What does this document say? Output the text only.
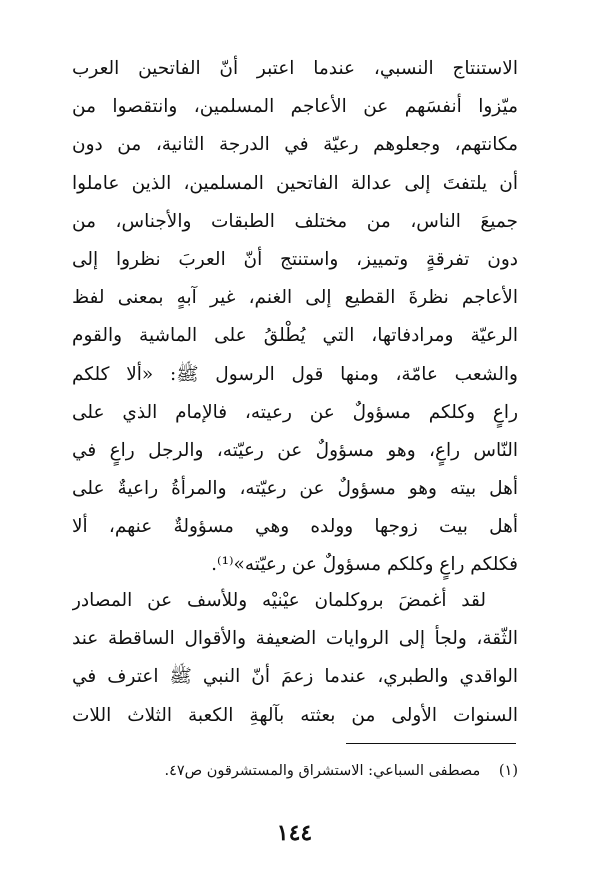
الاستنتاج النسبي، عندما اعتبر أنّ الفاتحين العرب
ميّزوا أنفسَهم عن الأعاجم المسلمين، وانتقصوا من
مكانتهم، وجعلوهم رعيّة في الدرجة الثانية، من دون
أن يلتفتَ إلى عدالة الفاتحين المسلمين، الذين عاملوا
جميعَ الناس، من مختلف الطبقات والأجناس، من
دون تفرقةٍ وتمييز، واستنتج أنّ العربَ نظروا إلى
الأعاجم نظرةَ القطيع إلى الغنم، غير آبهٍ بمعنى لفظ
الرعيّة ومرادفاتها، التي يُطْلقُ على الماشية والقوم
والشعب عامّة، ومنها قول الرسول ﷺ: «ألا كلكم
راعٍ وكلكم مسؤولٌ عن رعيته، فالإمام الذي على
النّاس راعٍ، وهو مسؤولٌ عن رعيّته، والرجل راعٍ في
أهل بيته وهو مسؤولٌ عن رعيّته، والمرأةُ راعيةٌ على
أهل بيت زوجها وولده وهي مسؤولةٌ عنهم، ألا
فكلكم راعٍ وكلكم مسؤولٌ عن رعيّته»⁽¹⁾.
لقد أغمضَ بروكلمان عيْنيْه وللأسف عن المصادر
الثّقة، ولجأ إلى الروايات الضعيفة والأقوال الساقطة عند
الواقدي والطبري، عندما زعمَ أنّ النبي ﷺ اعترف في
السنوات الأولى من بعثته بآلهةِ الكعبة الثلاث اللات
(١) مصطفى السباعي: الاستشراق والمستشرقون ص٤٧.
١٤٤
